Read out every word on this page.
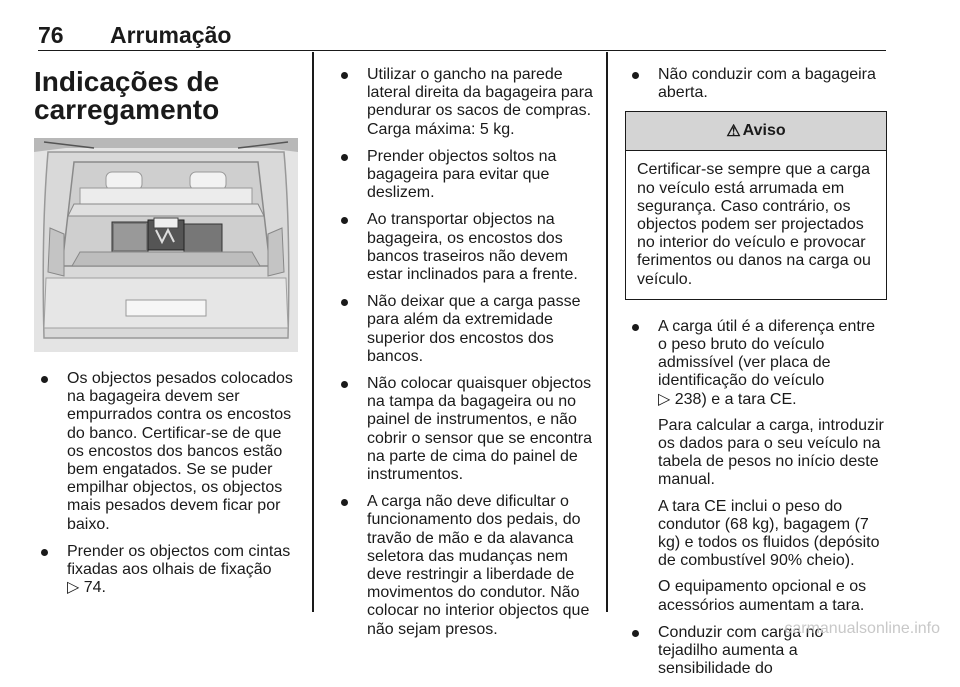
76 Arrumação
Indicações de
carregamento
Os objectos pesados colocados na bagageira devem ser empurrados contra os encostos do banco. Certificar-se de que os encostos dos bancos estão bem engatados. Se se puder empilhar objectos, os objectos mais pesados devem ficar por baixo.
Prender os objectos com cintas fixadas aos olhais de fixação
▷ 74.
Utilizar o gancho na parede lateral direita da bagageira para pendurar os sacos de compras. Carga máxima: 5 kg.
Prender objectos soltos na bagageira para evitar que deslizem.
Ao transportar objectos na bagageira, os encostos dos bancos traseiros não devem estar inclinados para a frente.
Não deixar que a carga passe para além da extremidade superior dos encostos dos bancos.
Não colocar quaisquer objectos na tampa da bagageira ou no painel de instrumentos, e não cobrir o sensor que se encontra na parte de cima do painel de instrumentos.
A carga não deve dificultar o funcionamento dos pedais, do travão de mão e da alavanca seletora das mudanças nem deve restringir a liberdade de movimentos do condutor. Não colocar no interior objectos que não sejam presos.
Não conduzir com a bagageira aberta.
⚠ Aviso
Certificar-se sempre que a carga no veículo está arrumada em segurança. Caso contrário, os objectos podem ser projectados no interior do veículo e provocar ferimentos ou danos na carga ou veículo.

A carga útil é a diferença entre o peso bruto do veículo admissível (ver placa de identificação do veículo ▷ 238) e a tara CE.

Para calcular a carga, introduzir os dados para o seu veículo na tabela de pesos no início deste manual.

A tara CE inclui o peso do condutor (68 kg), bagagem (7 kg) e todos os fluidos (depósito de combustível 90% cheio).

O equipamento opcional e os acessórios aumentam a tara.

Conduzir com carga no tejadilho aumenta a sensibilidade do
carmanualsonline.info
